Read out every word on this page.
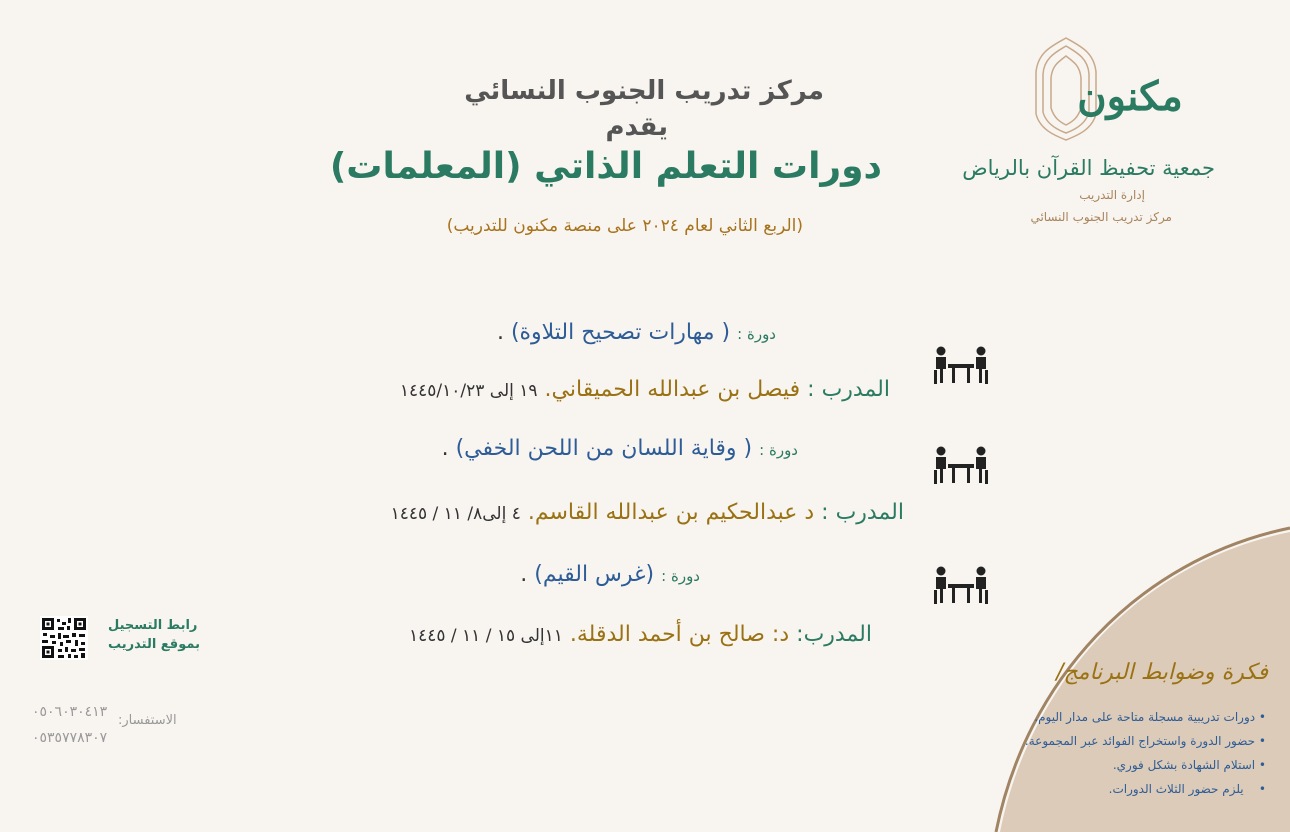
مكنون
جمعية تحفيظ القرآن بالرياض
إدارة التدريب
مركز تدريب الجنوب النسائي
مركز تدريب الجنوب النسائي
يقدم
دورات التعلم الذاتي (المعلمات)
(الربع الثاني لعام ٢٠٢٤ على منصة مكنون للتدريب)
دورة : ( مهارات تصحيح التلاوة) .
المدرب : فيصل بن عبدالله الحميقاني. ١٩ إلى ١٤٤٥/١٠/٢٣
دورة : ( وقاية اللسان من اللحن الخفي) .
المدرب : د عبدالحكيم بن عبدالله القاسم. ٤ إلى٨/ ١١ / ١٤٤٥
دورة : (غرس القيم) .
المدرب: د: صالح بن أحمد الدقلة. ١١إلى ١٥ / ١١ / ١٤٤٥
فكرة وضوابط البرنامج/
• دورات تدريبية مسجلة متاحة على مدار اليوم.
• حضور الدورة واستخراج الفوائد عبر المجموعة.
• استلام الشهادة بشكل فوري.
•    يلزم حضور الثلاث الدورات.
رابط التسجيل
بموقع التدريب
الاستفسار:
٠٥٠٦٠٣٠٤١٣
٠٥٣٥٧٧٨٣٠٧
